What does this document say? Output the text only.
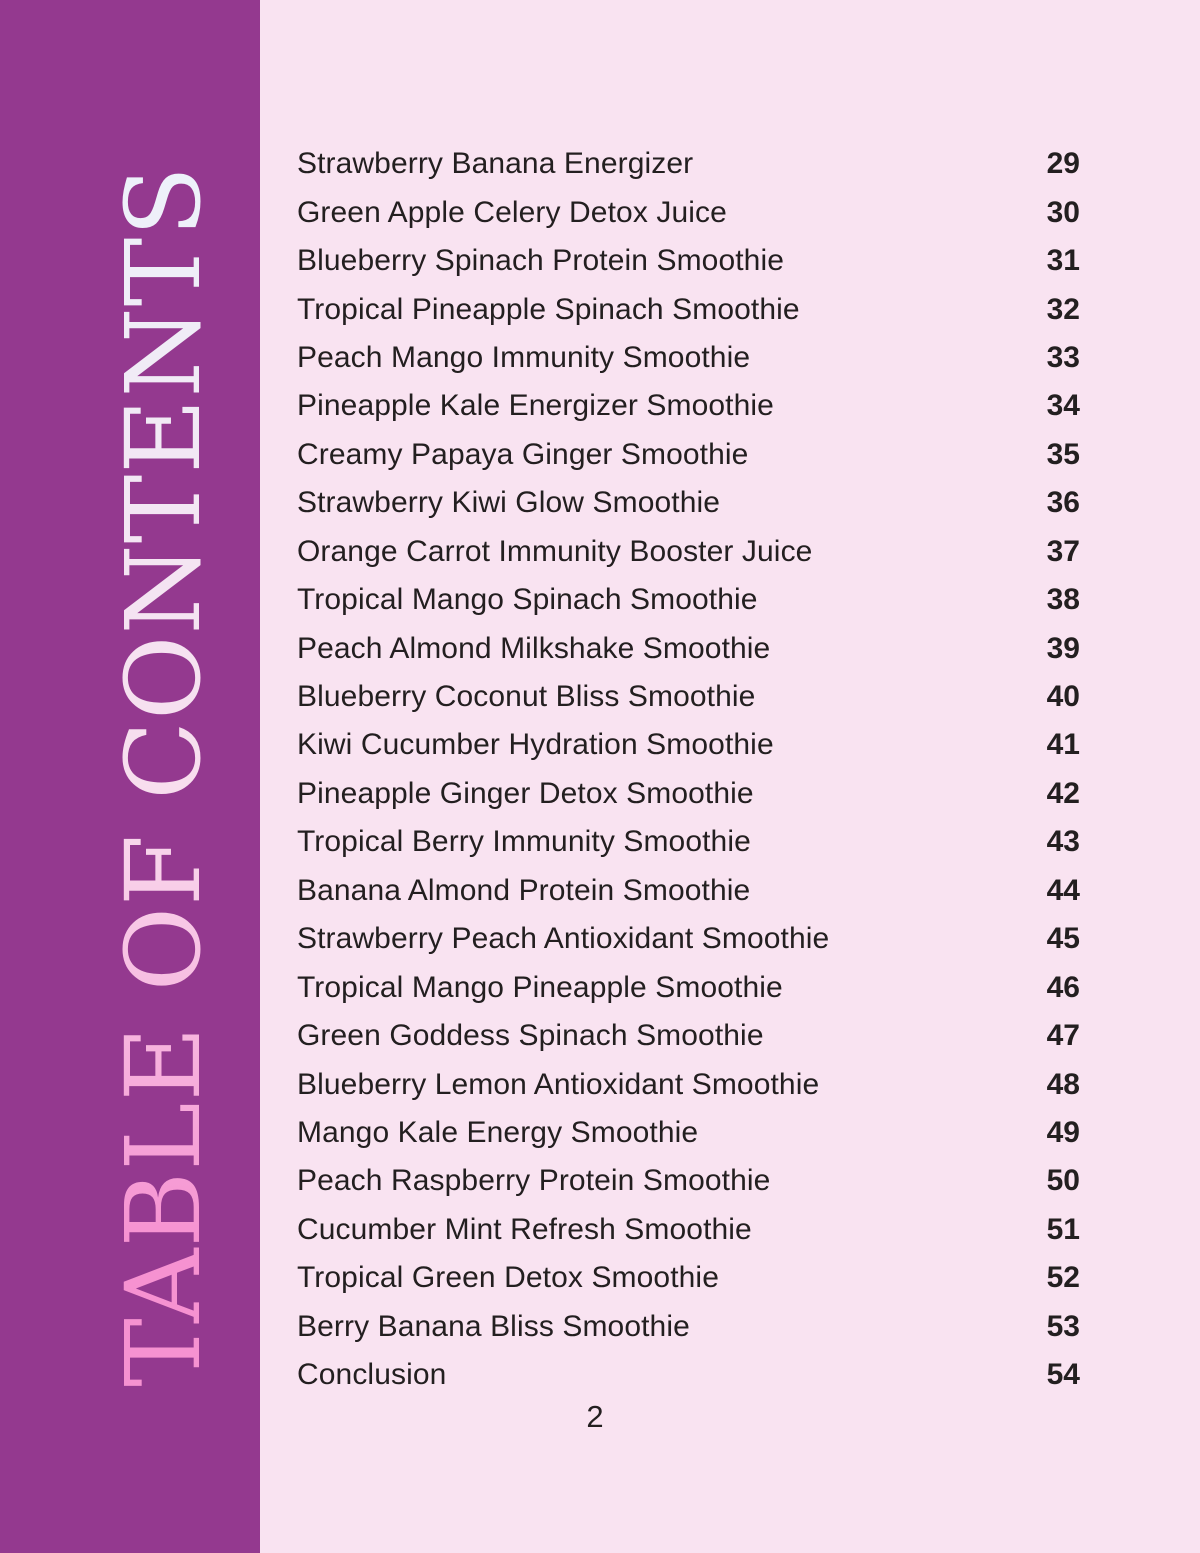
TABLE OF CONTENTS
Strawberry Banana Energizer	29
Green Apple Celery Detox Juice	30
Blueberry Spinach Protein Smoothie	31
Tropical Pineapple Spinach Smoothie	32
Peach Mango Immunity Smoothie	33
Pineapple Kale Energizer Smoothie	34
Creamy Papaya Ginger Smoothie	35
Strawberry Kiwi Glow Smoothie	36
Orange Carrot Immunity Booster Juice	37
Tropical Mango Spinach Smoothie	38
Peach Almond Milkshake Smoothie	39
Blueberry Coconut Bliss Smoothie	40
Kiwi Cucumber Hydration Smoothie	41
Pineapple Ginger Detox Smoothie	42
Tropical Berry Immunity Smoothie	43
Banana Almond Protein Smoothie	44
Strawberry Peach Antioxidant Smoothie	45
Tropical Mango Pineapple Smoothie	46
Green Goddess Spinach Smoothie	47
Blueberry Lemon Antioxidant Smoothie	48
Mango Kale Energy Smoothie	49
Peach Raspberry Protein Smoothie	50
Cucumber Mint Refresh Smoothie	51
Tropical Green Detox Smoothie	52
Berry Banana Bliss Smoothie	53
Conclusion	54
2
